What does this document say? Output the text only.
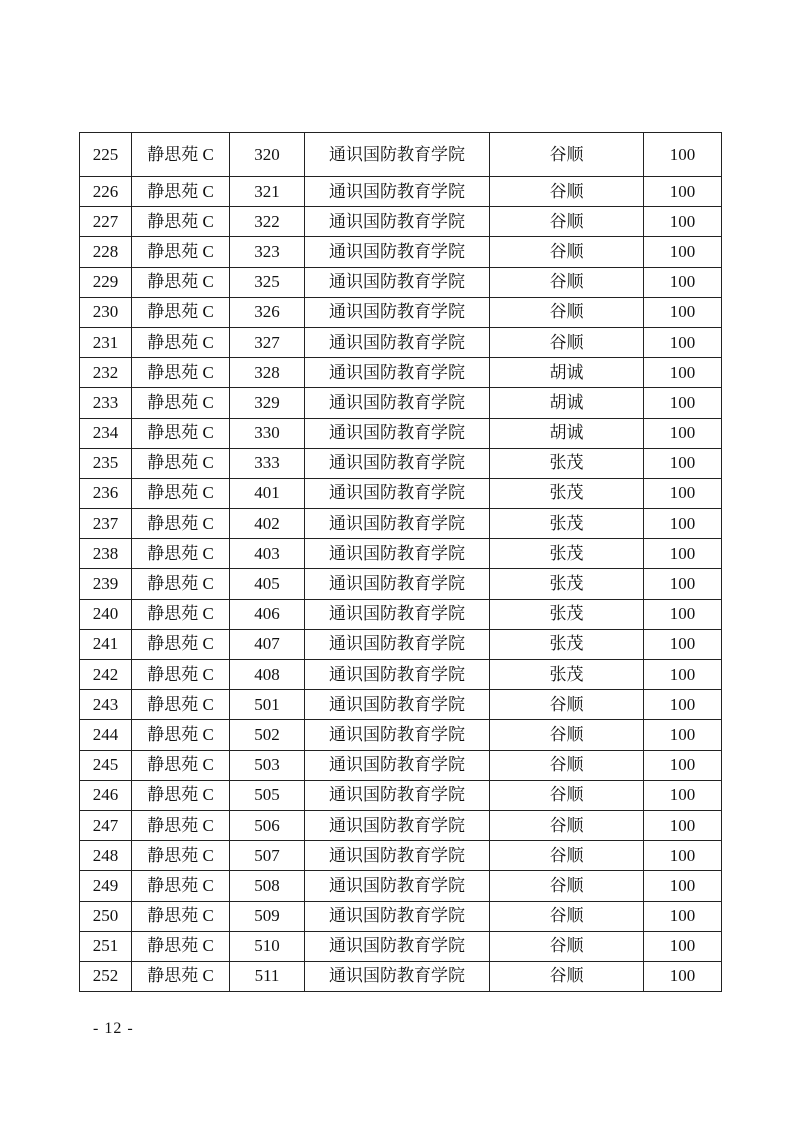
225	静思苑 C	320	通识国防教育学院	谷顺	100
226	静思苑 C	321	通识国防教育学院	谷顺	100
227	静思苑 C	322	通识国防教育学院	谷顺	100
228	静思苑 C	323	通识国防教育学院	谷顺	100
229	静思苑 C	325	通识国防教育学院	谷顺	100
230	静思苑 C	326	通识国防教育学院	谷顺	100
231	静思苑 C	327	通识国防教育学院	谷顺	100
232	静思苑 C	328	通识国防教育学院	胡诚	100
233	静思苑 C	329	通识国防教育学院	胡诚	100
234	静思苑 C	330	通识国防教育学院	胡诚	100
235	静思苑 C	333	通识国防教育学院	张茂	100
236	静思苑 C	401	通识国防教育学院	张茂	100
237	静思苑 C	402	通识国防教育学院	张茂	100
238	静思苑 C	403	通识国防教育学院	张茂	100
239	静思苑 C	405	通识国防教育学院	张茂	100
240	静思苑 C	406	通识国防教育学院	张茂	100
241	静思苑 C	407	通识国防教育学院	张茂	100
242	静思苑 C	408	通识国防教育学院	张茂	100
243	静思苑 C	501	通识国防教育学院	谷顺	100
244	静思苑 C	502	通识国防教育学院	谷顺	100
245	静思苑 C	503	通识国防教育学院	谷顺	100
246	静思苑 C	505	通识国防教育学院	谷顺	100
247	静思苑 C	506	通识国防教育学院	谷顺	100
248	静思苑 C	507	通识国防教育学院	谷顺	100
249	静思苑 C	508	通识国防教育学院	谷顺	100
250	静思苑 C	509	通识国防教育学院	谷顺	100
251	静思苑 C	510	通识国防教育学院	谷顺	100
252	静思苑 C	511	通识国防教育学院	谷顺	100
- 12 -
